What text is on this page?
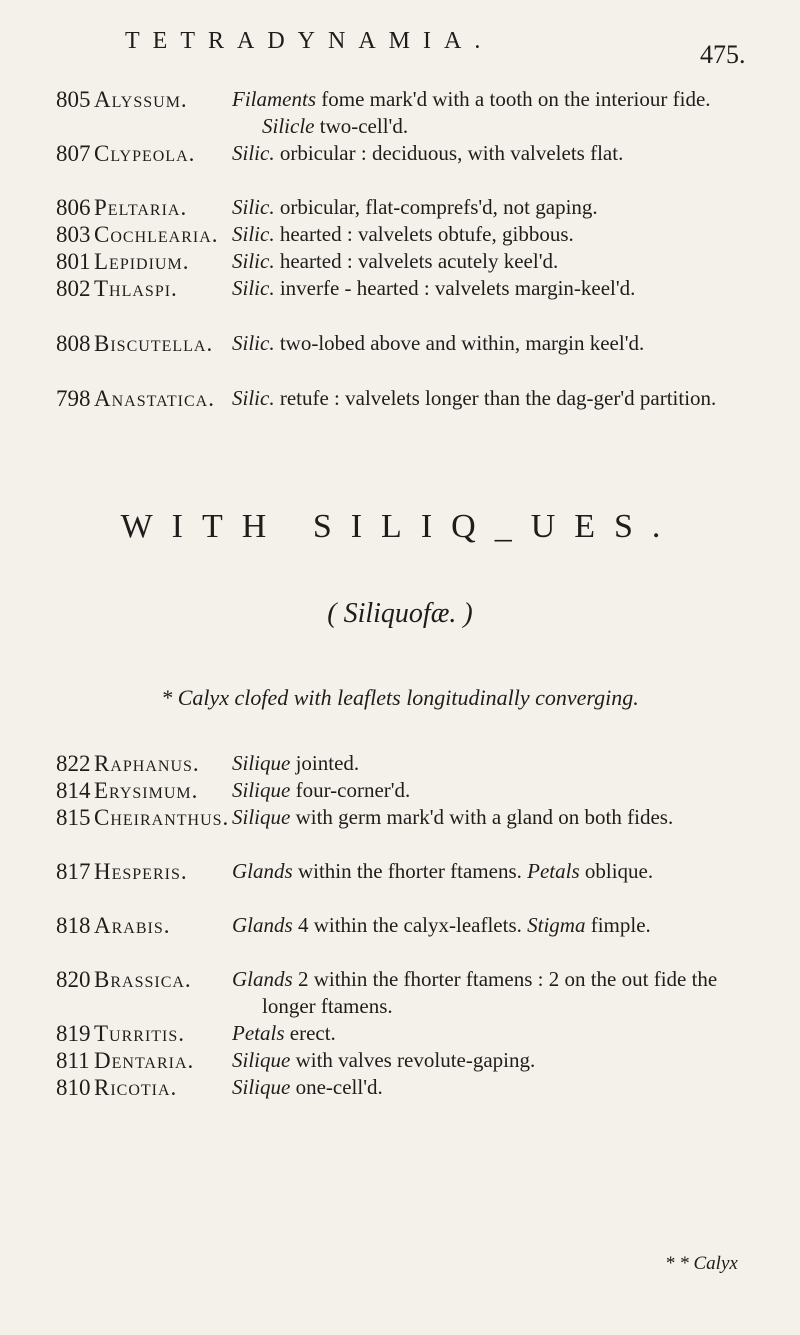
TETRADYNAMIA.	475.
805 Alyssum.	Filaments fome mark'd with a tooth on the interiour fide. Silicle two-cell'd.
807 Clypeola.	Silic. orbicular : deciduous, with valvelets flat.
806 Peltaria.	Silic. orbicular, flat-comprefs'd, not gaping.
803 Cochlearia. Silic. hearted : valvelets obtufe, gibbous.
801 Lepidium.	Silic. hearted : valvelets acutely keel'd.
802 Thlaspi.	Silic. inverfe - hearted : valvelets margin-keel'd.
808 Biscutella. Silic. two-lobed above and within, margin keel'd.
798 Anastatica. Silic. retufe : valvelets longer than the dag-ger'd partition.
WITH SILIQ_UES.
( Siliquofæ. )
* Calyx clofed with leaflets longitudinally converging.
822 Raphanus.	Silique jointed.
814 Erysimum.	Silique four-corner'd.
815 Cheiranthus. Silique with germ mark'd with a gland on both fides.
817 Hesperis.	Glands within the fhorter ftamens. Petals oblique.
818 Arabis.	Glands 4 within the calyx-leaflets. Stigma fimple.
820 Brassica.	Glands 2 within the fhorter ftamens : 2 on the out fide the longer ftamens.
819 Turritis.	Petals erect.
811 Dentaria.	Silique with valves revolute-gaping.
810 Ricotia.	Silique one-cell'd.
* * Calyx
